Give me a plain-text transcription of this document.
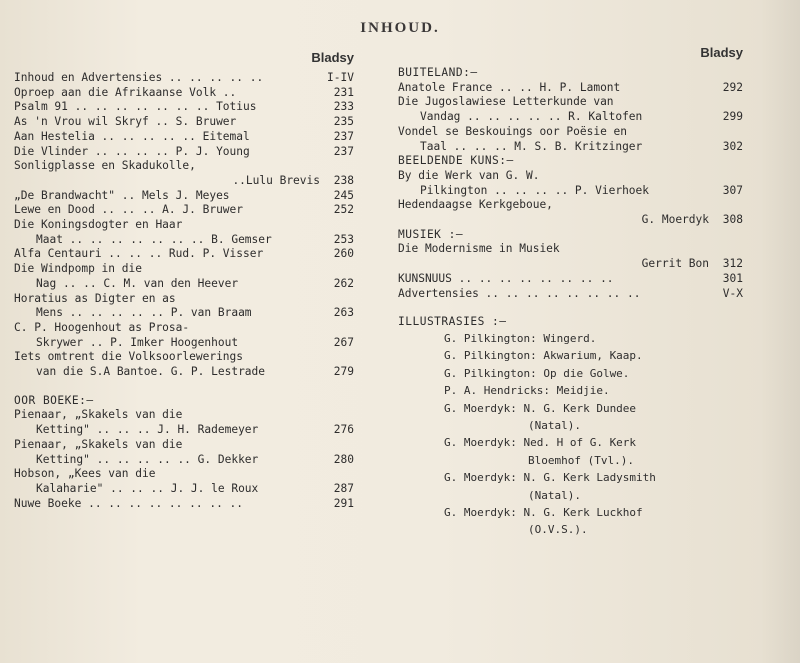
INHOUD.
Bladsy
Inhoud en Advertensies .. .. .. .. ..	I-IV
Oproep aan die Afrikaanse Volk ..	231
Psalm 91 .. .. .. .. .. .. .. Totius	233
As 'n Vrou wil Skryf .. S. Bruwer	235
Aan Hestelia .. .. .. .. .. Eitemal	237
Die Vlinder .. .. .. .. P. J. Young	237
Sonligplasse en Skadukolle,
..Lulu Brevis	238
„De Brandwacht" .. Mels J. Meyes	245
Lewe en Dood .. .. .. A. J. Bruwer	252
Die Koningsdogter en Haar
Maat .. .. .. .. .. .. .. B. Gemser	253
Alfa Centauri .. .. .. Rud. P. Visser	260
Die Windpomp in die
Nag .. .. C. M. van den Heever	262
Horatius as Digter en as
Mens .. .. .. .. .. P. van Braam	263
C. P. Hoogenhout as Prosa-
Skrywer .. P. Imker Hoogenhout	267
Iets omtrent die Volksoorlewerings
van die S.A Bantoe. G. P. Lestrade	279
OOR BOEKE:—
Pienaar, „Skakels van die
Ketting" .. .. .. J. H. Rademeyer	276
Pienaar, „Skakels van die
Ketting" .. .. .. .. .. G. Dekker	280
Hobson, „Kees van die
Kalaharie" .. .. .. J. J. le Roux	287
Nuwe Boeke .. .. .. .. .. .. .. ..	291
Bladsy
BUITELAND:—
Anatole France .. .. H. P. Lamont	292
Die Jugoslawiese Letterkunde van
Vandag .. .. .. .. .. R. Kaltofen	299
Vondel se Beskouings oor Poësie en
Taal .. .. .. M. S. B. Kritzinger	302
BEELDENDE KUNS:—
By die Werk van G. W.
Pilkington .. .. .. .. P. Vierhoek	307
Hedendaagse Kerkgeboue,
G. Moerdyk	308
MUSIEK :—
Die Modernisme in Musiek
Gerrit Bon	312
KUNSNUUS .. .. .. .. .. .. .. ..	301
Advertensies .. .. .. .. .. .. .. ..	V-X
ILLUSTRASIES :—
G. Pilkington: Wingerd.
G. Pilkington: Akwarium, Kaap.
G. Pilkington: Op die Golwe.
P. A. Hendricks: Meidjie.
G. Moerdyk: N. G. Kerk Dundee
(Natal).
G. Moerdyk: Ned. H of G. Kerk
Bloemhof (Tvl.).
G. Moerdyk: N. G. Kerk Ladysmith
(Natal).
G. Moerdyk: N. G. Kerk Luckhof
(O.V.S.).
